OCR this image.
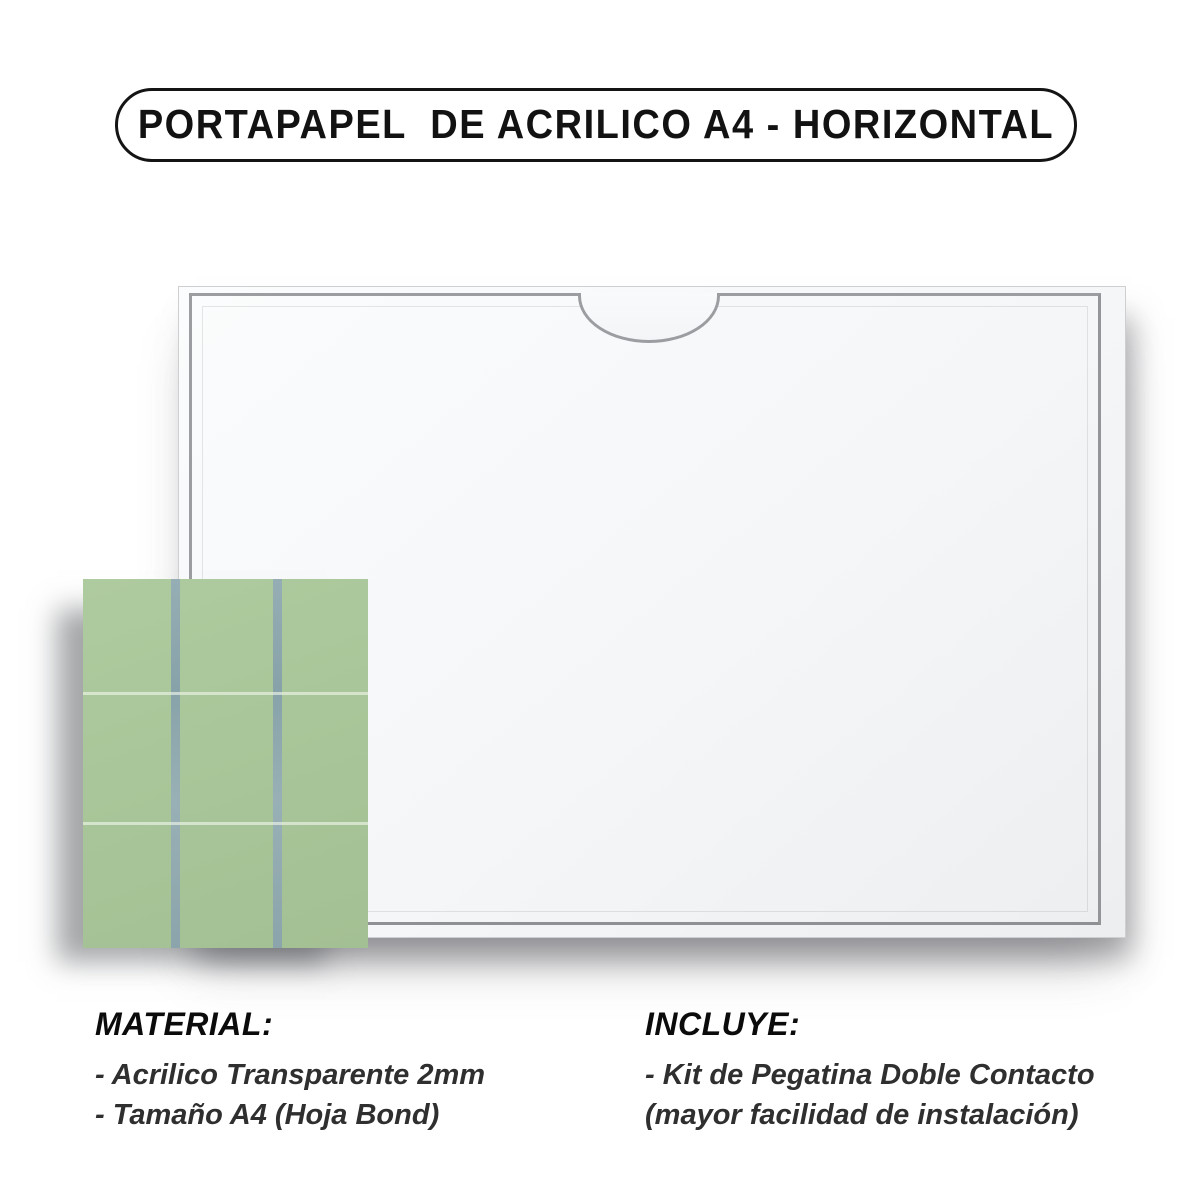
PORTAPAPEL  DE ACRILICO A4 - HORIZONTAL
MATERIAL:
- Acrilico Transparente 2mm
- Tamaño A4 (Hoja Bond)
INCLUYE:
- Kit de Pegatina Doble Contacto
(mayor facilidad de instalación)
